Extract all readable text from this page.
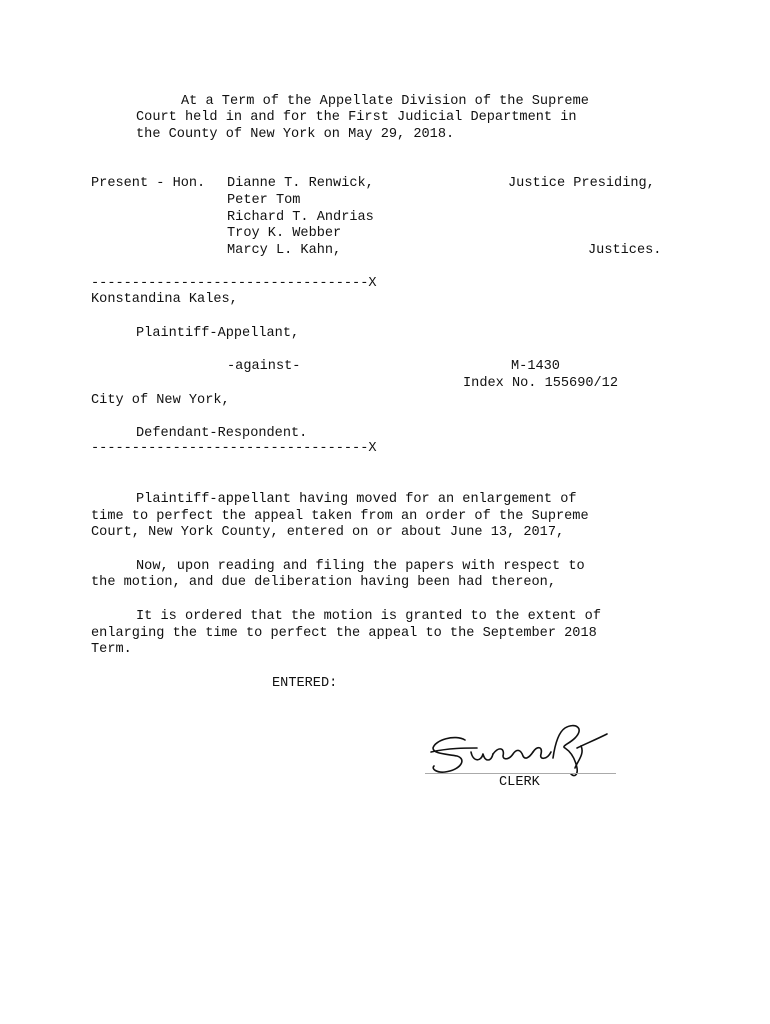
At a Term of the Appellate Division of the Supreme
Court held in and for the First Judicial Department in
the County of New York on May 29, 2018.
Present - Hon. Dianne T. Renwick,	Justice Presiding,
Peter Tom
Richard T. Andrias
Troy K. Webber
Marcy L. Kahn,	Justices.
----------------------------------X
Konstandina Kales,
Plaintiff-Appellant,
-against-	M-1430
Index No. 155690/12
City of New York,
Defendant-Respondent.
----------------------------------X
Plaintiff-appellant having moved for an enlargement of
time to perfect the appeal taken from an order of the Supreme
Court, New York County, entered on or about June 13, 2017,
Now, upon reading and filing the papers with respect to
the motion, and due deliberation having been had thereon,
It is ordered that the motion is granted to the extent of
enlarging the time to perfect the appeal to the September 2018
Term.
ENTERED:
CLERK
